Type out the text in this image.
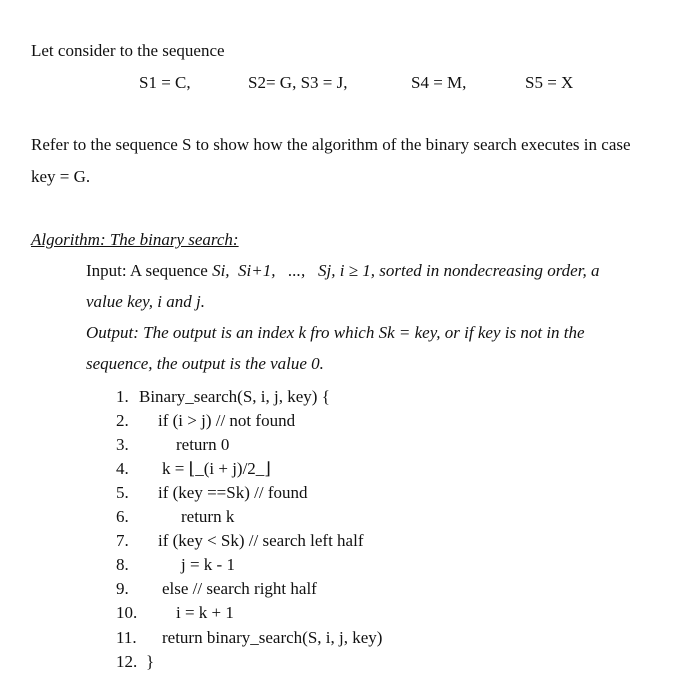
Let consider to the sequence
S1 = C,	S2= G, S3 = J,	S4 = M,	S5 = X
Refer to the sequence S to show how the algorithm of the binary search executes in case
key = G.
Algorithm: The binary search:
Input: A sequence Si,  Si+1,   ...,   Sj, i ≥ 1, sorted in nondecreasing order, a
value key, i and j.
Output: The output is an index k fro which Sk = key, or if key is not in the
sequence, the output is the value 0.
1. Binary_search(S, i, j, key) {
2. if (i > j) // not found
3.	return 0
4. k = ⌊_(i + j)/2_⌋
5. if (key ==Sk) // found
6.	return k
7. if (key < Sk) // search left half
8.	j = k - 1
9. else // search right half
10. i = k + 1
11. return binary_search(S, i, j, key)
12. }
